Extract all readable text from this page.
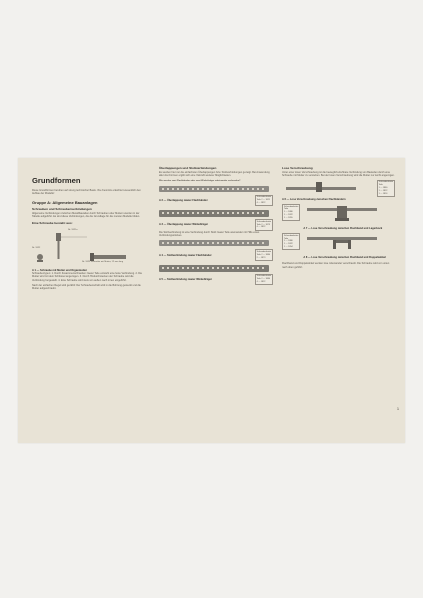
Grundformen

Diese Grundformen beruhen auf streng technischer Basis. Ihre Kenntnis erleichtert wesentlich den Aufbau der Modelle!

Gruppe A: Allgemeine Bauanlagen
Schrauben und Schraubenverbindungen

Allgemeine Verbindungen zwischen Metallbauteilen durch Schrauben oder Muttern werden in der Tabelle aufgeführt. Es sind diese Verbindungen, die die Grundlage für die meisten Modelle bilden.

Eine Schraube besteht aus:
Nr. 1821a
Nr. 1822
Nr. 1823 Schraube mit Mutter, 12 mm lang
A 1 — Schraube mit Mutter und Organmutter

Schraubentypen: 1. Durch Zusammenschrauben zweier Teile entsteht eine feste Verbindung. 2. Die Mutter wird mit dem Schlüssel angezogen. 3. Durch Hindurchstecken der Schraube wird die Verbindung hergestellt. 4. Eine Schraube wird stets von außen nach innen eingeführt.

Nach der einfachen Regel wird gezählt: Der Schraubenschaft wird in die Bohrung gesteckt und die Mutter aufgeschraubt.

Überlappungen und Stoßverbindungen

Es werden hier nur die einfachsten Überlappungen bzw. Stoßverbindungen gezeigt. Bei Anwendung aller drei Formen ergibt sich eine Vielzahl weiterer Möglichkeiten.

Wie werden zwei Flachbänder oder zwei Winkelträger miteinander verbunden?

A 2 — Überlappung zweier Flachbänder
Schraubenleiste
Teile 2 — 1821
4 — 1822
A 3 — Überlappung zweier Winkelträger
Schraubenleiste
Teile 2 — 1873
4 — 1822

Die Stoßverbindung ist eine Verbindung durch Stoß zweier Teile aneinander mit Hilfe eines Verbindungsstückes.

A 4 — Stoßverbindung zweier Flachbänder
Schraubenleiste
Teile 2 — 1880
2 — 1873
A 5 — Stoßverbindung zweier Winkelträger
Schraubenleiste
Teile 2 — 1880
4 — 1822
Lose Verschraubung

Unter einer losen Verschraubung ist die beweglich-drehbare Verbindung von Bauteilen durch eine Schraube mit Mutter zu verstehen. Bei der losen Verschraubung wird die Mutter nur leicht angezogen.

A 6 — Lose Verschraubung zwischen Flachbändern
Schraubenleiste
Teile
1 — 1880
1 — 1822
1 — 1824
Schraubenleiste
Teile
1 — 1880
1 — 1822
1 — 1855
A 7 — Lose Verschraubung zwischen Flachband und Lagerbock
Schraubenleiste
Teile
1 — 1880
1 — 1822
1 — 1854
A 8 — Lose Verschraubung zwischen Flachband und Doppelwinkel

Flachband und Doppelwinkel werden lose miteinander verschraubt. Die Schraube wird von unten nach oben geführt.

1
